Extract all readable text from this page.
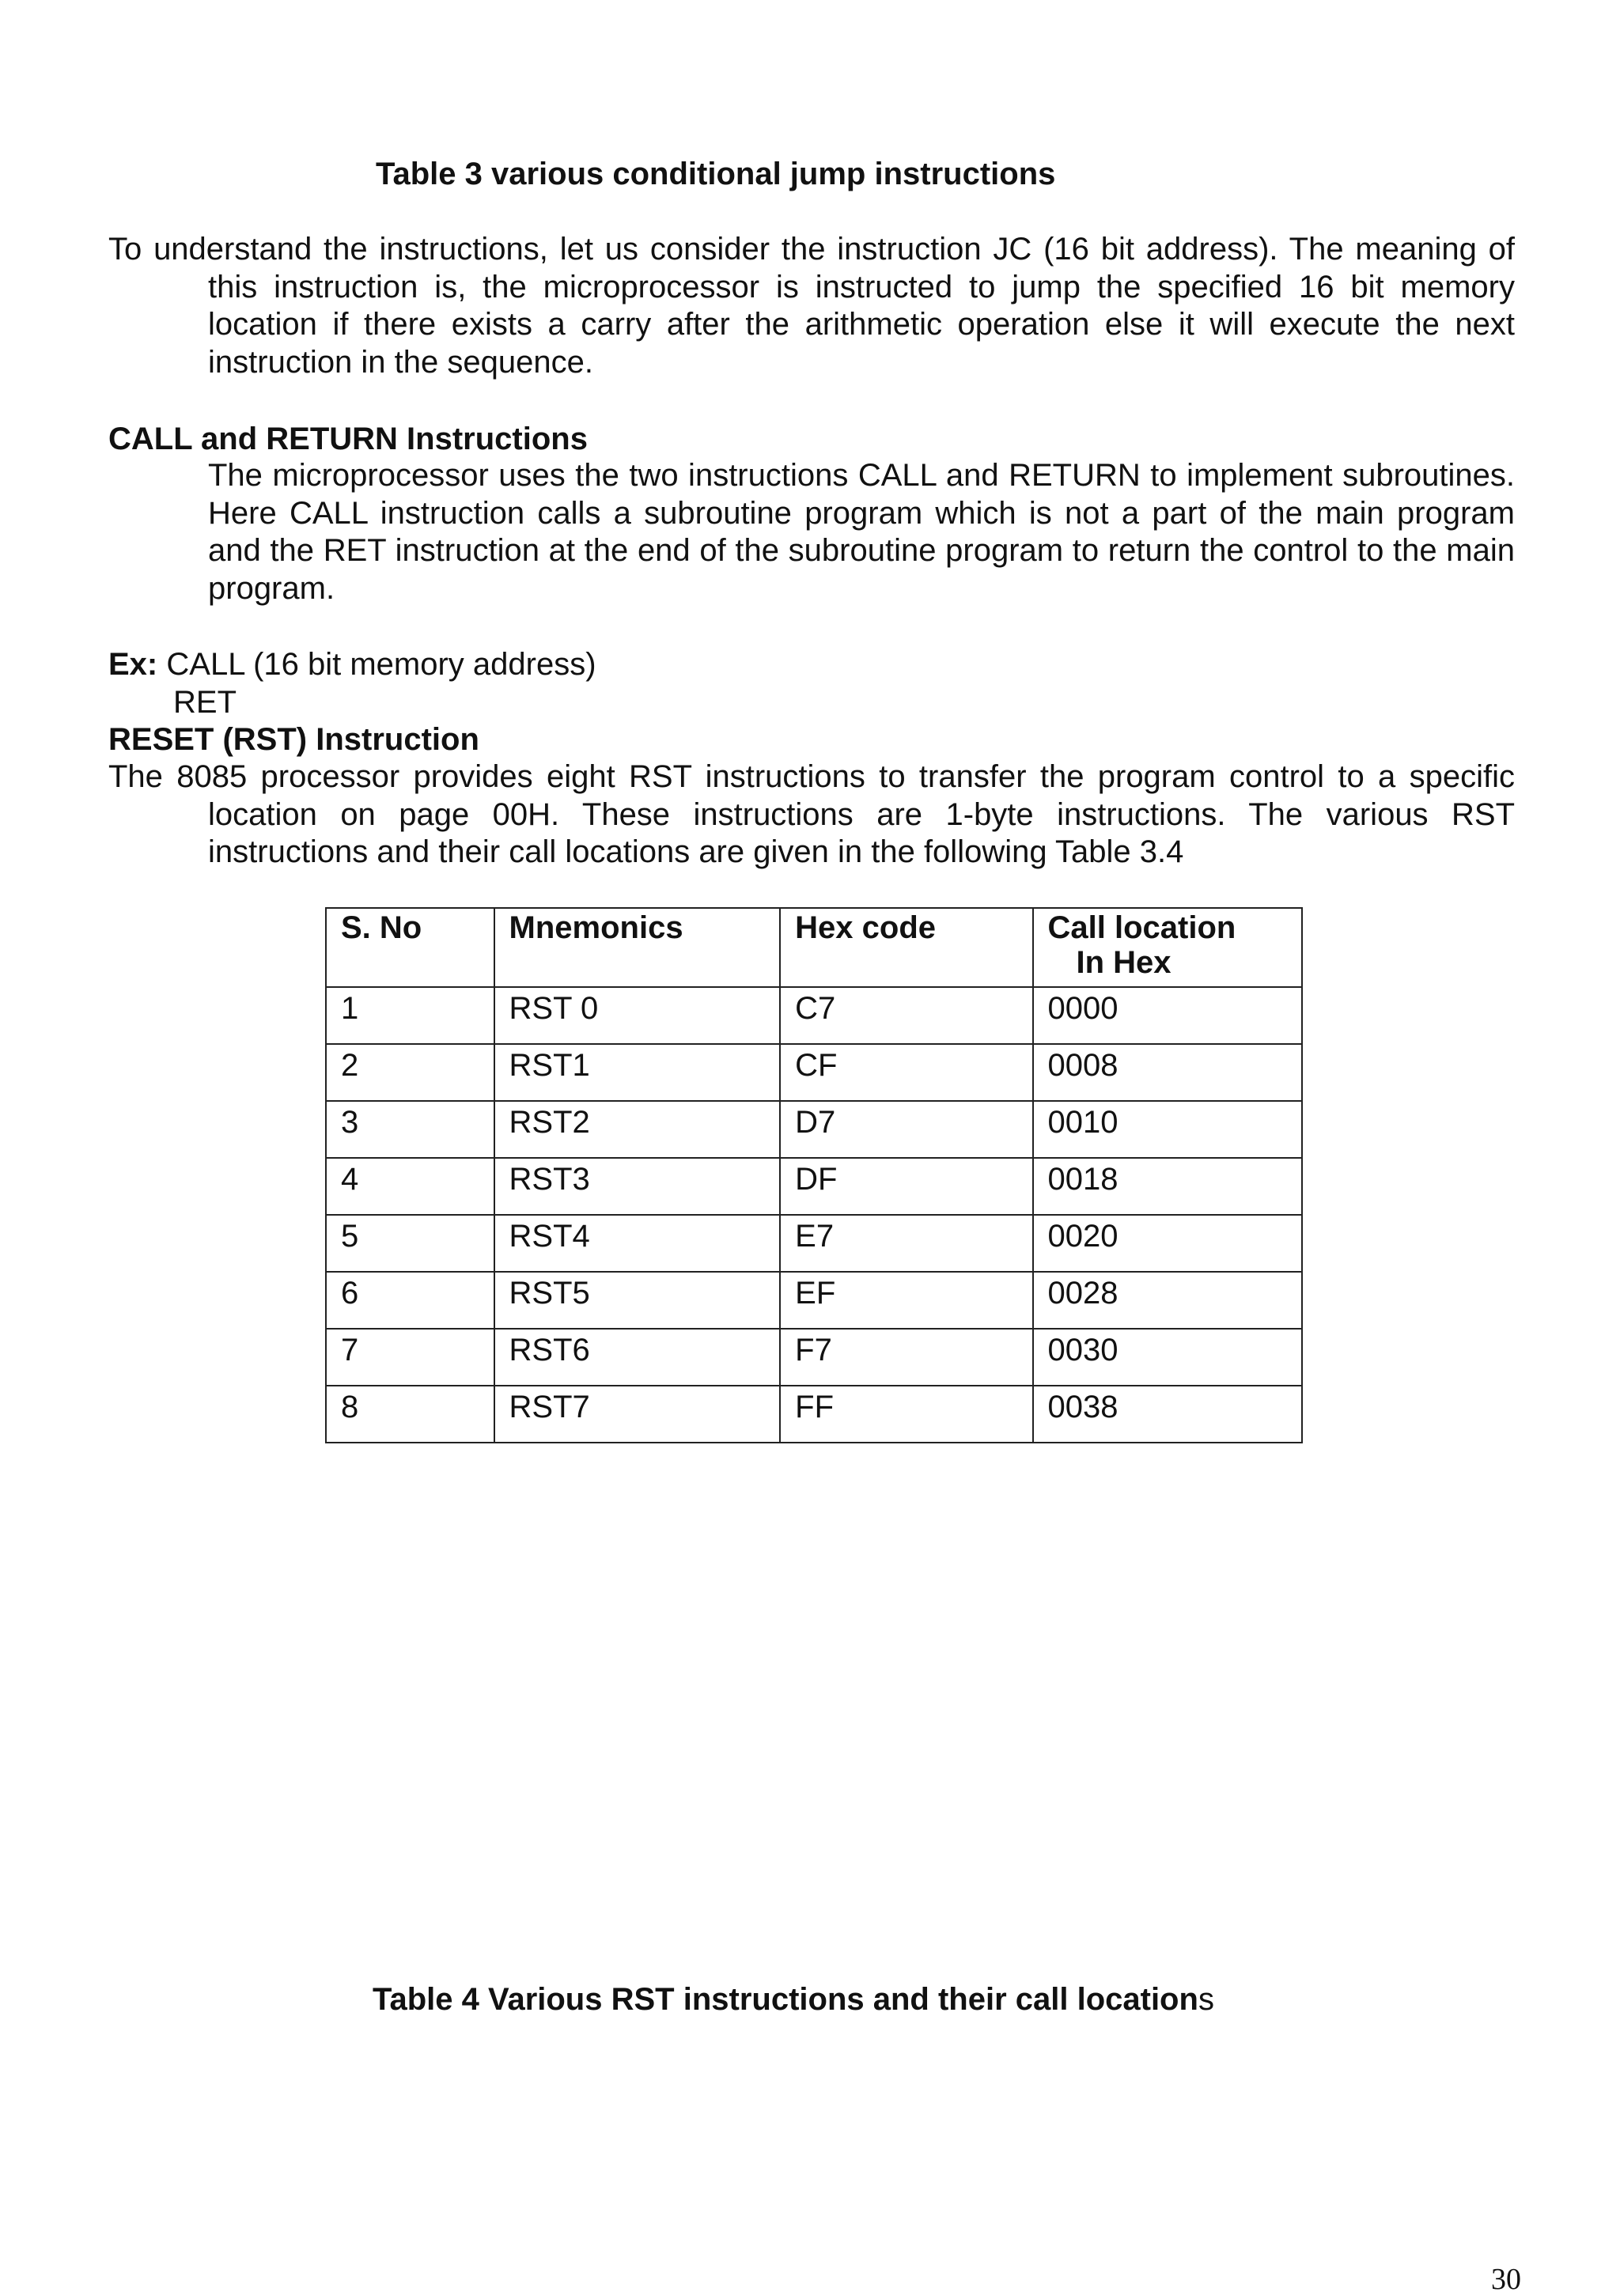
Table 3 various conditional jump instructions
To understand the instructions, let us consider the instruction JC (16 bit address). The meaning of this instruction is, the microprocessor is instructed to jump the specified 16 bit memory location if there exists a carry after the arithmetic operation else it will execute the next instruction in the sequence.
CALL and RETURN Instructions
The microprocessor uses the two instructions CALL and RETURN to implement subroutines. Here CALL instruction calls a subroutine program which is not a part of the main program and the RET instruction at the end of the subroutine program to return the control to the main program.
Ex: CALL (16 bit memory address)
RET
RESET (RST) Instruction
The 8085 processor provides eight RST instructions to transfer the program control to a specific location on page 00H. These instructions are 1-byte instructions. The various RST instructions and their call locations are given in the following Table 3.4
S. No	Mnemonics	Hex code	Call location
In Hex
1	RST 0	C7	0000
2	RST1	CF	0008
3	RST2	D7	0010
4	RST3	DF	0018
5	RST4	E7	0020
6	RST5	EF	0028
7	RST6	F7	0030
8	RST7	FF	0038
Table 4 Various RST instructions and their call locations
30
